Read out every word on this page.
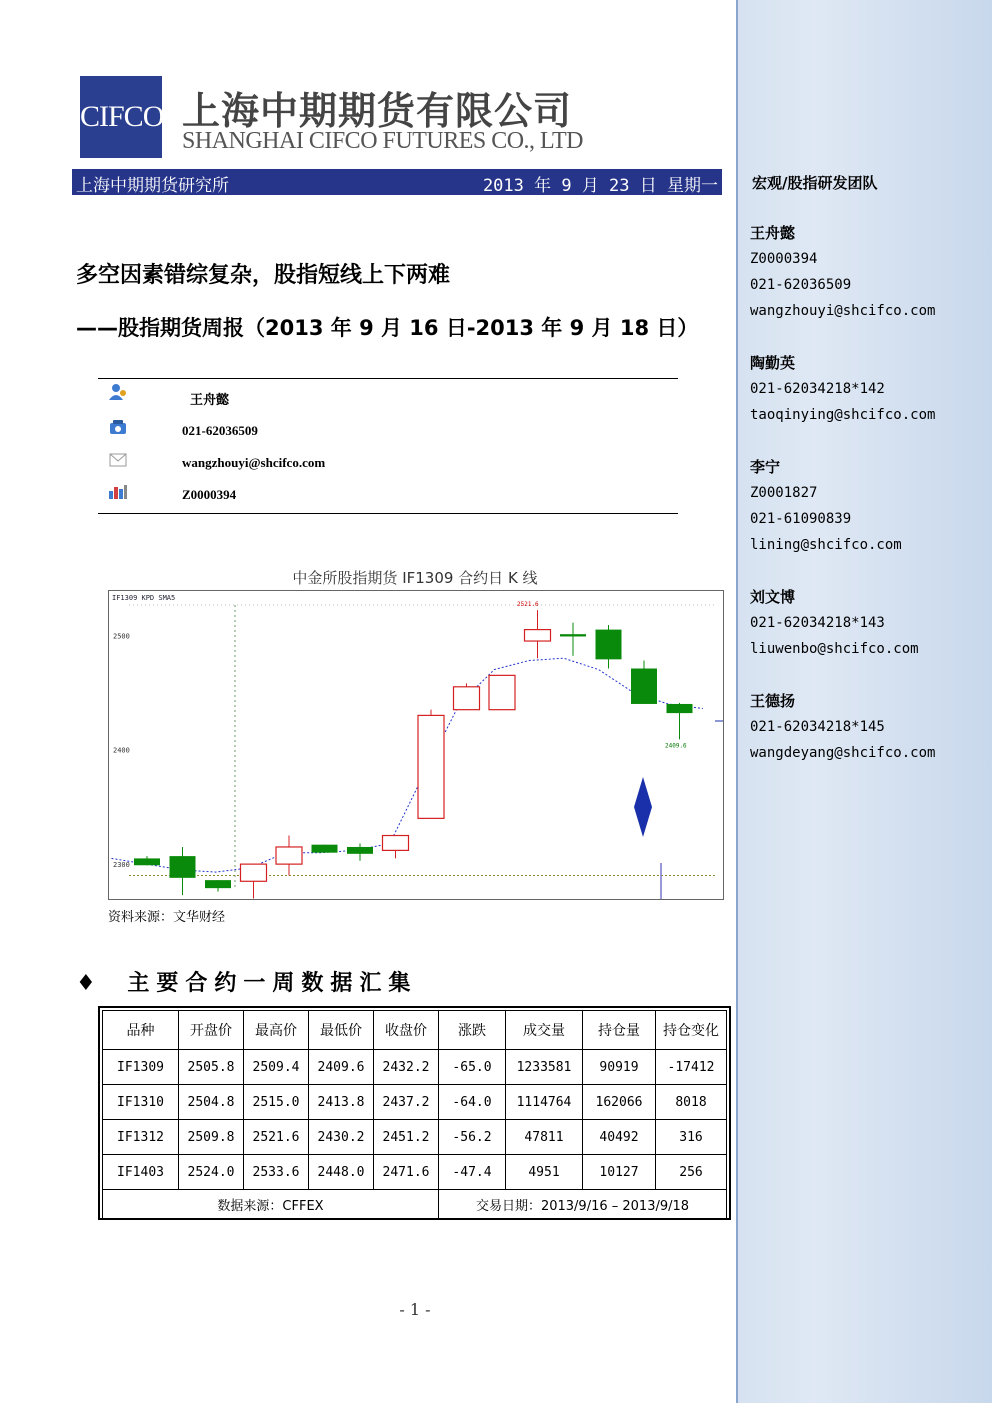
CIFCO 上海中期期货有限公司
SHANGHAI CIFCO FUTURES CO., LTD
上海中期期货研究所	2013 年 9 月 23 日 星期一
多空因素错综复杂，股指短线上下两难
——股指期货周报（2013 年 9 月 16 日-2013 年 9 月 18 日）
王舟懿
021-62036509
wangzhouyi@shcifco.com
Z0000394
中金所股指期货 IF1309 合约日 K 线
IF1309 KPD SMA5
2500
2400
2300
2521.6
2409.6
资料来源：文华财经
♦ 主要合约一周数据汇集
品种	开盘价	最高价	最低价	收盘价	涨跌	成交量	持仓量	持仓变化
IF1309	2505.8	2509.4	2409.6	2432.2	-65.0	1233581	90919	-17412
IF1310	2504.8	2515.0	2413.8	2437.2	-64.0	1114764	162066	8018
IF1312	2509.8	2521.6	2430.2	2451.2	-56.2	47811	40492	316
IF1403	2524.0	2533.6	2448.0	2471.6	-47.4	4951	10127	256
数据来源：CFFEX					交易日期：2013/9/16 – 2013/9/18			
- 1 -
宏观/股指研发团队
王舟懿
Z0000394
021-62036509
wangzhouyi@shcifco.com
陶勤英
021-62034218*142
taoqinying@shcifco.com
李宁
Z0001827
021-61090839
lining@shcifco.com
刘文博
021-62034218*143
liuwenbo@shcifco.com
王德扬
021-62034218*145
wangdeyang@shcifco.com
